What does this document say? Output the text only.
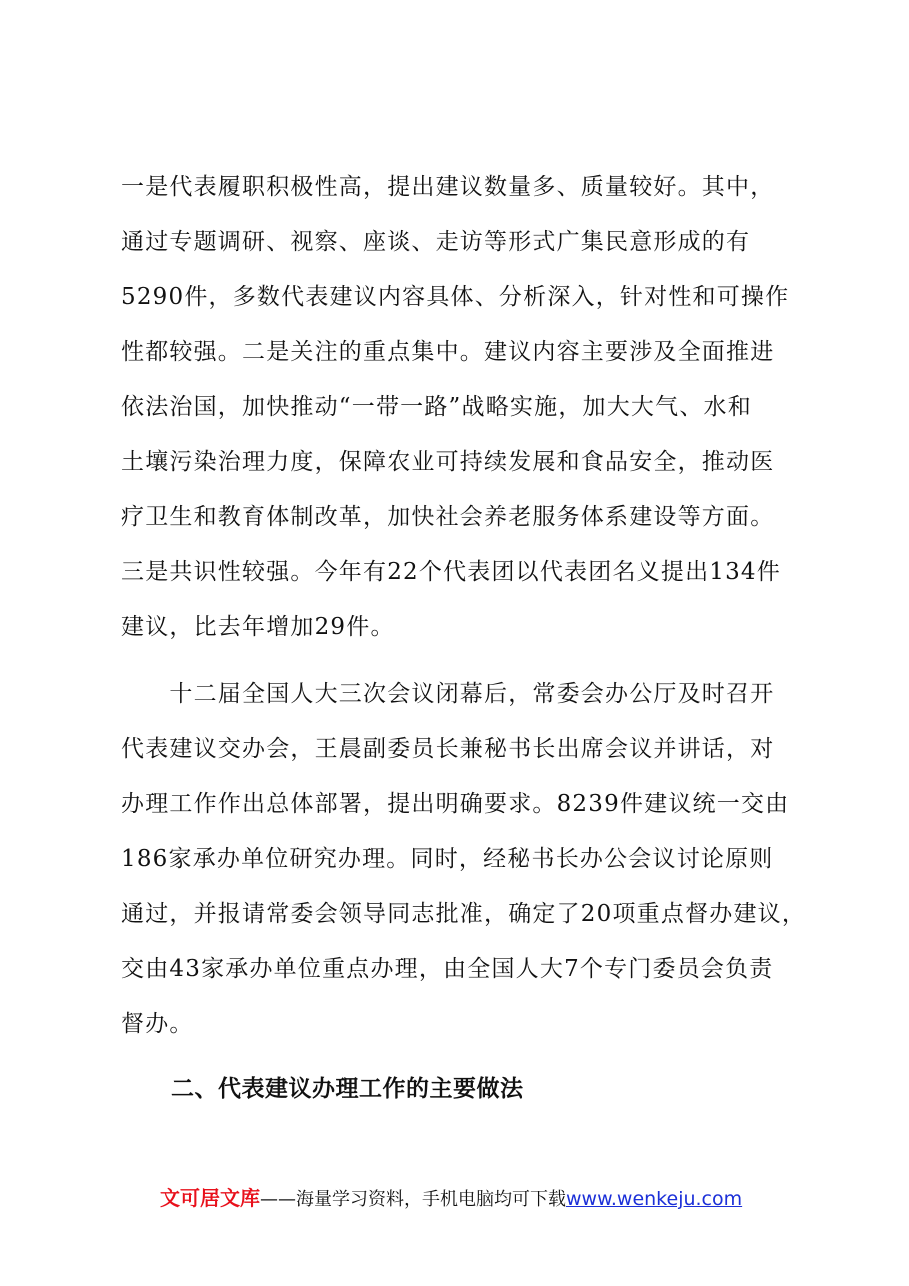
一是代表履职积极性高，提出建议数量多、质量较好。其中，
通过专题调研、视察、座谈、走访等形式广集民意形成的有
5290件，多数代表建议内容具体、分析深入，针对性和可操作
性都较强。二是关注的重点集中。建议内容主要涉及全面推进
依法治国，加快推动“一带一路”战略实施，加大大气、水和
土壤污染治理力度，保障农业可持续发展和食品安全，推动医
疗卫生和教育体制改革，加快社会养老服务体系建设等方面。
三是共识性较强。今年有22个代表团以代表团名义提出134件
建议，比去年增加29件。

　　十二届全国人大三次会议闭幕后，常委会办公厅及时召开
代表建议交办会，王晨副委员长兼秘书长出席会议并讲话，对
办理工作作出总体部署，提出明确要求。8239件建议统一交由
186家承办单位研究办理。同时，经秘书长办公会议讨论原则
通过，并报请常委会领导同志批准，确定了20项重点督办建议，
交由43家承办单位重点办理，由全国人大7个专门委员会负责
督办。

二、代表建议办理工作的主要做法
文可居文库——海量学习资料，手机电脑均可下载www.wenkeju.com
